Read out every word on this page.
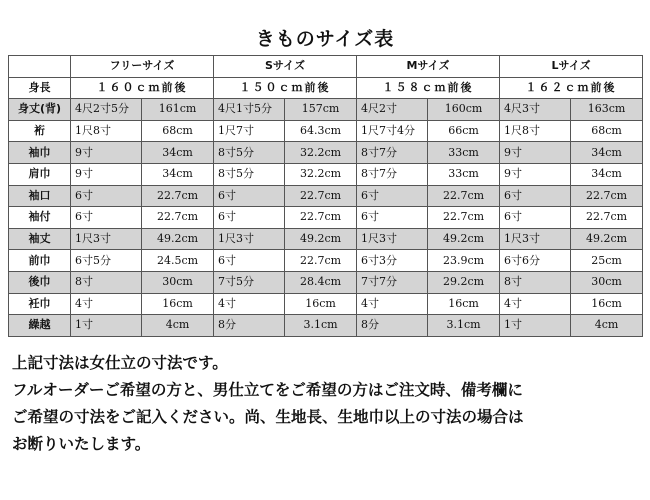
きものサイズ表
	フリーサイズ		Sサイズ		Mサイズ		Lサイズ	
身長	１６０ｃｍ前後		１５０ｃｍ前後		１５８ｃｍ前後		１６２ｃｍ前後	
身丈(背)	4尺2寸5分	161cm	4尺1寸5分	157cm	4尺2寸	160cm	4尺3寸	163cm
裄	1尺8寸	68cm	1尺7寸	64.3cm	1尺7寸4分	66cm	1尺8寸	68cm
袖巾	9寸	34cm	8寸5分	32.2cm	8寸7分	33cm	9寸	34cm
肩巾	9寸	34cm	8寸5分	32.2cm	8寸7分	33cm	9寸	34cm
袖口	6寸	22.7cm	6寸	22.7cm	6寸	22.7cm	6寸	22.7cm
袖付	6寸	22.7cm	6寸	22.7cm	6寸	22.7cm	6寸	22.7cm
袖丈	1尺3寸	49.2cm	1尺3寸	49.2cm	1尺3寸	49.2cm	1尺3寸	49.2cm
前巾	6寸5分	24.5cm	6寸	22.7cm	6寸3分	23.9cm	6寸6分	25cm
後巾	8寸	30cm	7寸5分	28.4cm	7寸7分	29.2cm	8寸	30cm
衽巾	4寸	16cm	4寸	16cm	4寸	16cm	4寸	16cm
繰越	1寸	4cm	8分	3.1cm	8分	3.1cm	1寸	4cm

上記寸法は女仕立の寸法です。

フルオーダーご希望の方と、男仕立てをご希望の方はご注文時、備考欄に

ご希望の寸法をご記入ください。尚、生地長、生地巾以上の寸法の場合は

お断りいたします。
